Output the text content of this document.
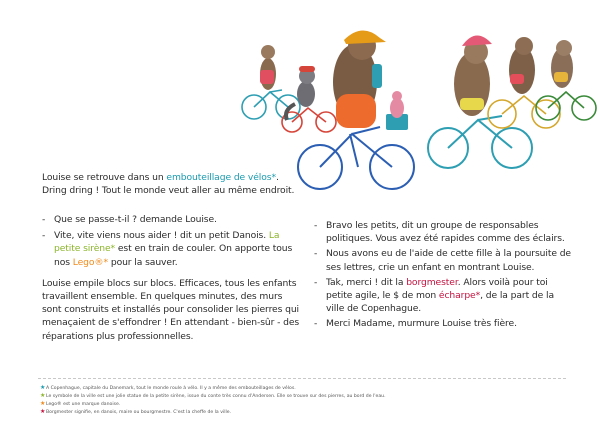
Louise se retrouve dans un embouteillage de vélos*.

Dring dring ! Tout le monde veut aller au même endroit.

- Que se passe-t-il ? demande Louise.

- Vite, vite viens nous aider ! dit un petit Danois. La petite sirène* est en train de couler. On apporte tous nos Lego®* pour la sauver.

Louise empile blocs sur blocs. Efficaces, tous les enfants travaillent ensemble. En quelques minutes, des murs sont construits et installés pour consolider les pierres qui menaçaient de s'effondrer ! En attendant - bien-sûr - des réparations plus professionnelles.

- Bravo les petits, dit un groupe de responsables politiques. Vous avez été rapides comme des éclairs.

- Nous avons eu de l'aide de cette fille à la poursuite de ses lettres, crie un enfant en montrant Louise.

- Tak, merci ! dit la borgmester. Alors voilà pour toi petite agile, le $ de mon écharpe*, de la part de la ville de Copenhague.

- Merci Madame, murmure Louise très fière.

★A Copenhague, capitale du Danemark, tout le monde roule à vélo. Il y a même des embouteillages de vélos.
★Le symbole de la ville est une jolie statue de la petite sirène, issue du conte très connu d'Andersen. Elle se trouve sur des pierres, au bord de l'eau.
★Lego® est une marque danoise.
★Borgmester signifie, en danois, maire ou bourgmestre. C'est la cheffe de la ville.
